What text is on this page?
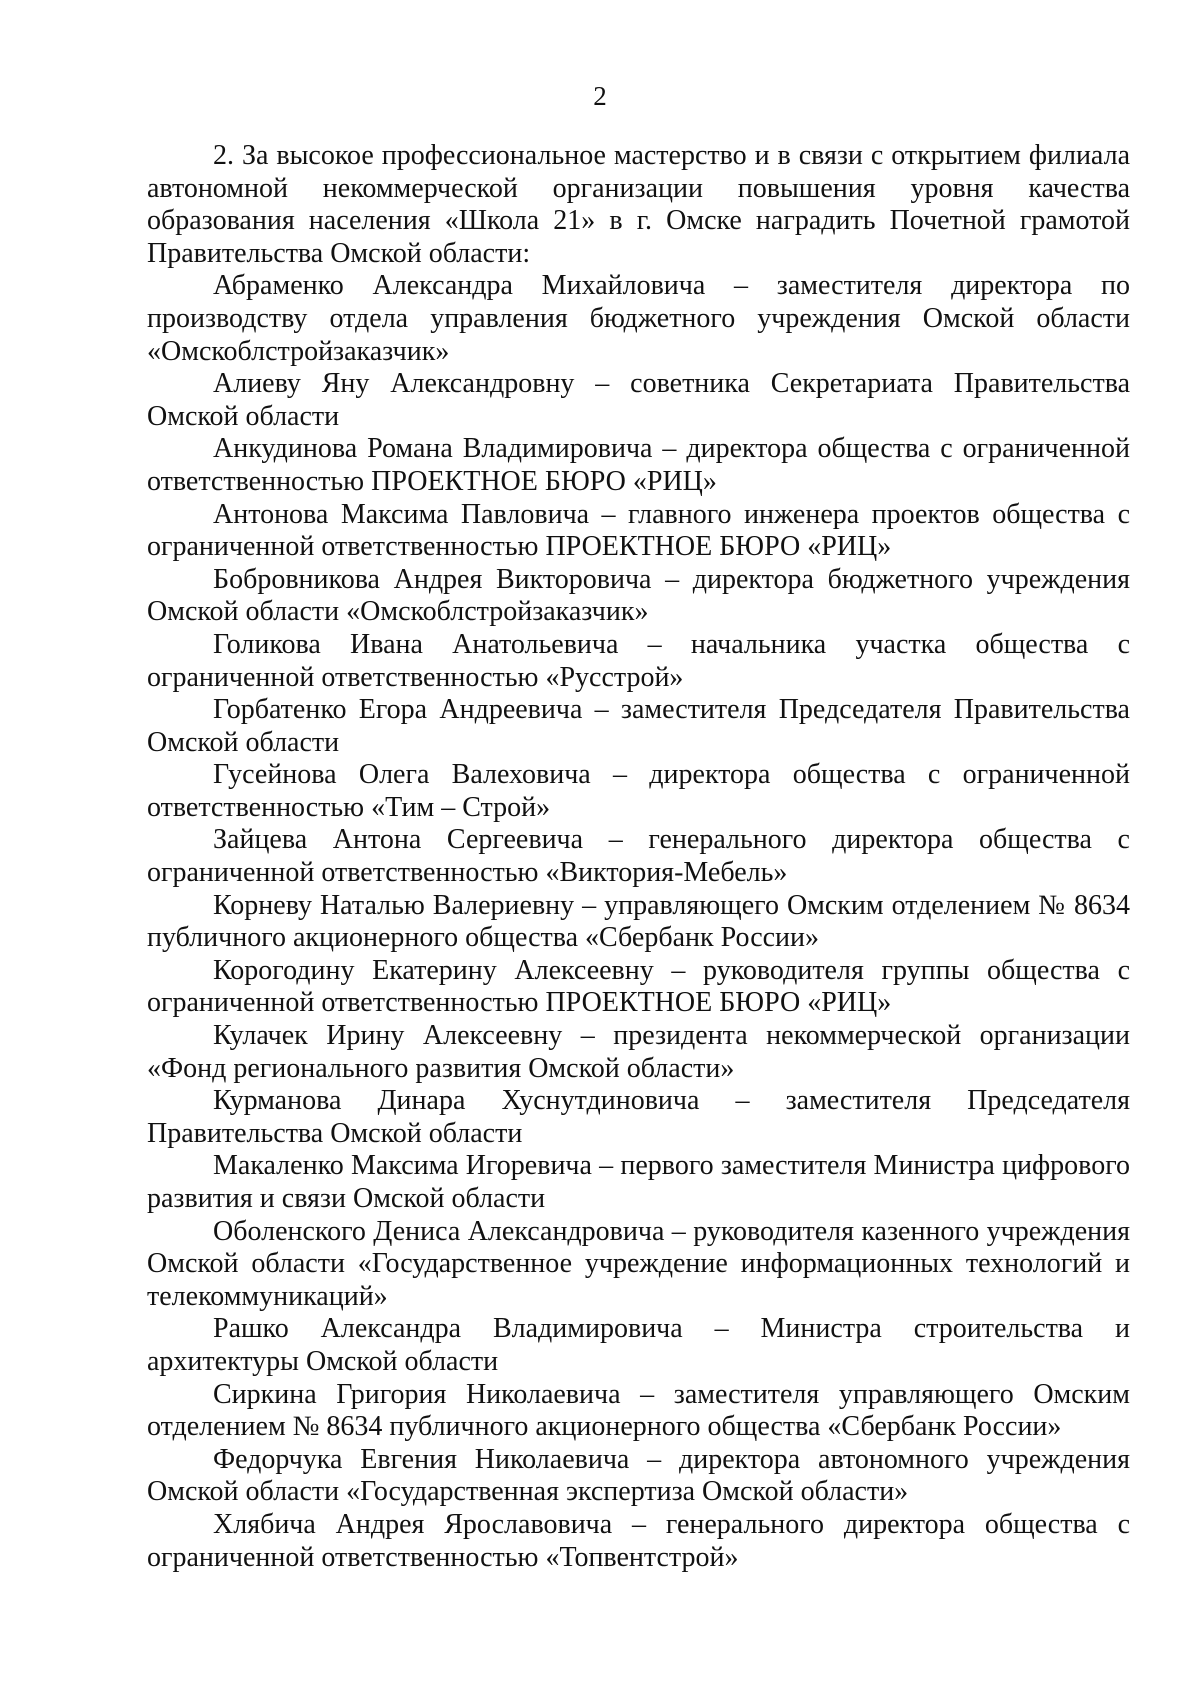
2

2. За высокое профессиональное мастерство и в связи с открытием филиала автономной некоммерческой организации повышения уровня качества образования населения «Школа 21» в г. Омске наградить Почетной грамотой Правительства Омской области:

Абраменко Александра Михайловича – заместителя директора по производству отдела управления бюджетного учреждения Омской области «Омскоблстройзаказчик»
Алиеву Яну Александровну – советника Секретариата Правительства Омской области
Анкудинова Романа Владимировича – директора общества с ограниченной ответственностью ПРОЕКТНОЕ БЮРО «РИЦ»
Антонова Максима Павловича – главного инженера проектов общества с ограниченной ответственностью ПРОЕКТНОЕ БЮРО «РИЦ»
Бобровникова Андрея Викторовича – директора бюджетного учреждения Омской области «Омскоблстройзаказчик»
Голикова Ивана Анатольевича – начальника участка общества с ограниченной ответственностью «Русстрой»
Горбатенко Егора Андреевича – заместителя Председателя Правительства Омской области
Гусейнова Олега Валеховича – директора общества с ограниченной ответственностью «Тим – Строй»
Зайцева Антона Сергеевича – генерального директора общества с ограниченной ответственностью «Виктория-Мебель»
Корневу Наталью Валериевну – управляющего Омским отделением № 8634 публичного акционерного общества «Сбербанк России»
Корогодину Екатерину Алексеевну – руководителя группы общества с ограниченной ответственностью ПРОЕКТНОЕ БЮРО «РИЦ»
Кулачек Ирину Алексеевну – президента некоммерческой организации «Фонд регионального развития Омской области»
Курманова Динара Хуснутдиновича – заместителя Председателя Правительства Омской области
Макаленко Максима Игоревича – первого заместителя Министра цифрового развития и связи Омской области
Оболенского Дениса Александровича – руководителя казенного учреждения Омской области «Государственное учреждение информационных технологий и телекоммуникаций»
Рашко Александра Владимировича – Министра строительства и архитектуры Омской области
Сиркина Григория Николаевича – заместителя управляющего Омским отделением № 8634 публичного акционерного общества «Сбербанк России»
Федорчука Евгения Николаевича – директора автономного учреждения Омской области «Государственная экспертиза Омской области»
Хлябича Андрея Ярославовича – генерального директора общества с ограниченной ответственностью «Топвентстрой»
